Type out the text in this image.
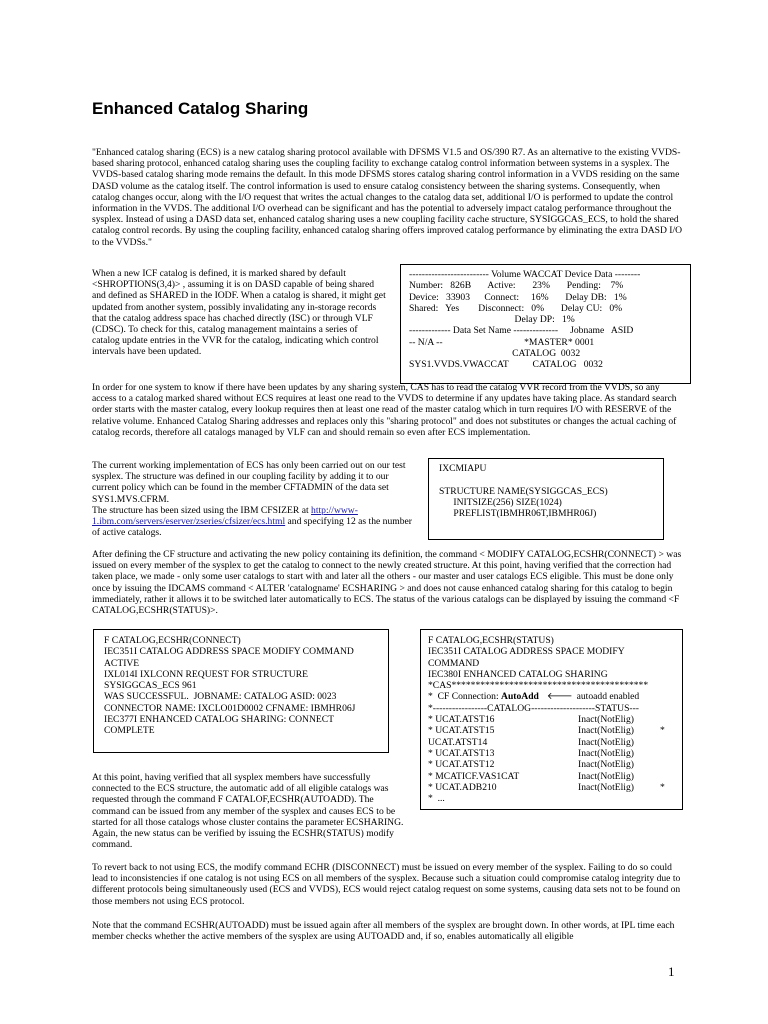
Enhanced Catalog Sharing
"Enhanced catalog sharing (ECS) is a new catalog sharing protocol available with DFSMS V1.5 and OS/390 R7. As an alternative to the existing VVDS-based sharing protocol, enhanced catalog sharing uses the coupling facility to exchange catalog control information between systems in a sysplex. The VVDS-based catalog sharing mode remains the default. In this mode DFSMS stores catalog sharing control information in a VVDS residing on the same DASD volume as the catalog itself. The control information is used to ensure catalog consistency between the sharing systems. Consequently, when catalog changes occur, along with the I/O request that writes the actual changes to the catalog data set, additional I/O is performed to update the control information in the VVDS. The additional I/O overhead can be significant and has the potential to adversely impact catalog performance throughout the sysplex. Instead of using a DASD data set, enhanced catalog sharing uses a new coupling facility cache structure, SYSIGGCAS_ECS, to hold the shared catalog control records. By using the coupling facility, enhanced catalog sharing offers improved catalog performance by eliminating the extra DASD I/O to the VVDSs."
When a new ICF catalog is defined, it is marked shared by default <SHROPTIONS(3,4)> , assuming it is on DASD capable of being shared and defined as SHARED in the IODF. When a catalog is shared, it might get updated from another system, possibly invalidating any in-storage records that the catalog address space has chached directly (ISC) or through VLF (CDSC). To check for this, catalog management maintains a series of catalog update entries in the VVR for the catalog, indicating which control intervals have been updated.
------------------------- Volume WACCAT Device Data --------
Number:   826B       Active:       23%       Pending:    7%
Device:   33903      Connect:     16%       Delay DB:   1%
Shared:   Yes        Disconnect:   0%       Delay CU:   0%
Delay DP:   1%
------------- Data Set Name --------------     Jobname   ASID
-- N/A --                                  *MASTER* 0001
CATALOG  0032
SYS1.VVDS.VWACCAT          CATALOG   0032
In order for one system to know if there have been updates by any sharing system, CAS has to read the catalog VVR record from the VVDS, so any access to a catalog marked shared without ECS requires at least one read to the VVDS to determine if any updates have taking place. As standard search order starts with the master catalog, every lookup requires then at least one read of the master catalog which in turn requires I/O with RESERVE of the relative volume. Enhanced Catalog Sharing addresses and replaces only this "sharing protocol" and does not substitutes or changes the actual caching of catalog records, therefore all catalogs managed by VLF can and should remain so even after ECS implementation.
The current working implementation of ECS has only been carried out on our test sysplex. The structure was defined in our coupling facility by adding it to our current policy which can be found in the member CFTADMIN of the data set SYS1.MVS.CFRM.
The structure has been sized using the IBM CFSIZER at http://www-1.ibm.com/servers/eserver/zseries/cfsizer/ecs.html and specifying 12 as the number of active catalogs.
IXCMIAPU

STRUCTURE NAME(SYSIGGCAS_ECS)
INITSIZE(256) SIZE(1024)
PREFLIST(IBMHR06T,IBMHR06J)
After defining the CF structure and activating the new policy containing its definition, the command < MODIFY CATALOG,ECSHR(CONNECT) > was issued on every member of the sysplex to get the catalog to connect to the newly created structure. At this point, having verified that the correction had taken place, we made - only some user catalogs to start with and later all the others - our master and user catalogs ECS eligible. This must be done only once by issuing the IDCAMS command < ALTER 'catalogname' ECSHARING > and does not cause enhanced catalog sharing for this catalog to begin immediately, rather it allows it to be switched later automatically to ECS. The status of the various catalogs can be displayed by issuing the command <F CATALOG,ECSHR(STATUS)>.
F CATALOG,ECSHR(CONNECT)
IEC351I CATALOG ADDRESS SPACE MODIFY COMMAND
ACTIVE
IXL014I IXLCONN REQUEST FOR STRUCTURE
SYSIGGCAS_ECS 961
WAS SUCCESSFUL.  JOBNAME: CATALOG ASID: 0023
CONNECTOR NAME: IXCLO01D0002 CFNAME: IBMHR06J
IEC377I ENHANCED CATALOG SHARING: CONNECT
COMPLETE
F CATALOG,ECSHR(STATUS)
IEC351I CATALOG ADDRESS SPACE MODIFY
COMMAND
IEC380I ENHANCED CATALOG SHARING
*CAS*****************************************
*  CF Connection: AutoAdd 🡐 autoadd enabled
*-----------------CATALOG--------------------STATUS---
* UCAT.ATST16	Inact(NotElig)
* UCAT.ATST15	Inact(NotElig)	*
UCAT.ATST14	Inact(NotElig)
* UCAT.ATST13	Inact(NotElig)
* UCAT.ATST12	Inact(NotElig)
* MCATICF.VAS1CAT	Inact(NotElig)
* UCAT.ADB210	Inact(NotElig)	*
*  ...
At this point, having verified that all sysplex members have successfully connected to the ECS structure, the automatic add of all eligible catalogs was requested through the command F CATALOF,ECSHR(AUTOADD). The command can be issued from any member of the sysplex and causes ECS to be started for all those catalogs whose cluster contains the parameter ECSHARING. Again, the new status can be verified by issuing the ECSHR(STATUS) modify command.
To revert back to not using ECS, the modify command ECHR (DISCONNECT) must be issued on every member of the sysplex. Failing to do so could lead to inconsistencies if one catalog is not using ECS on all members of the sysplex. Because such a situation could compromise catalog integrity due to different protocols being simultaneously used (ECS and VVDS), ECS would reject catalog request on some systems, causing data sets not to be found on those members not using ECS protocol.
Note that the command ECSHR(AUTOADD) must be issued again after all members of the sysplex are brought down. In other words, at IPL time each member checks whether the active members of the sysplex are using AUTOADD and, if so, enables automatically all eligible
1
